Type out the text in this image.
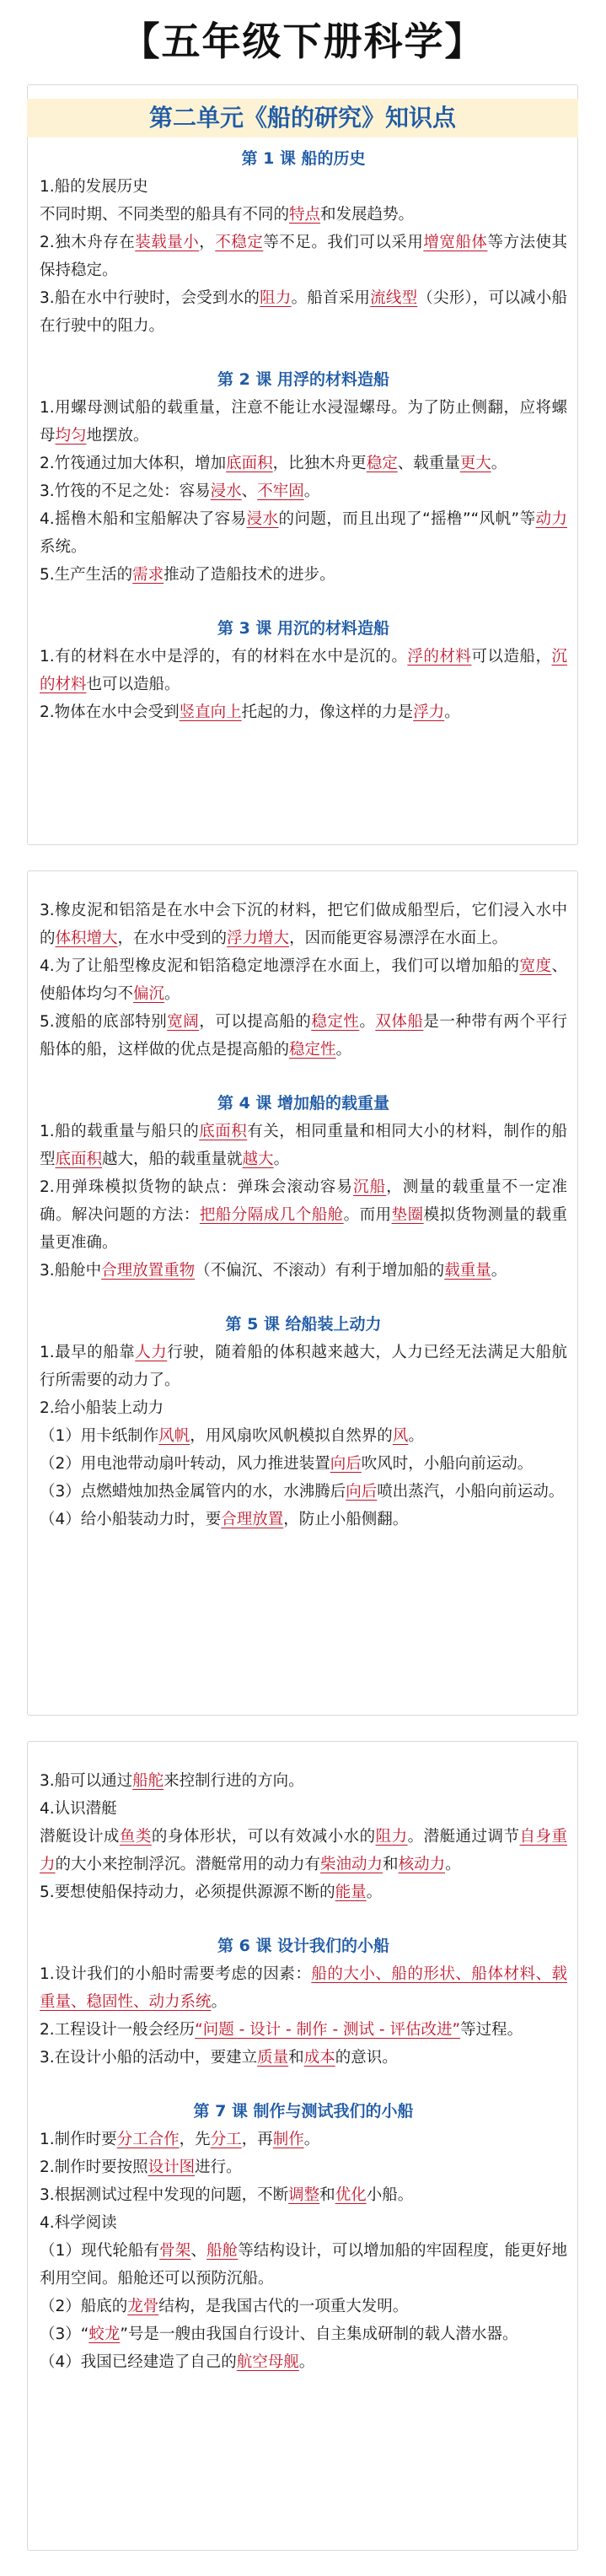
【五年级下册科学】
第二单元《船的研究》知识点
第 1 课 船的历史

1.船的发展历史

不同时期、不同类型的船具有不同的特点和发展趋势。

2.独木舟存在装载量小，不稳定等不足。我们可以采用增宽船体等方法使其保持稳定。

3.船在水中行驶时，会受到水的阻力。船首采用流线型（尖形），可以减小船在行驶中的阻力。

第 2 课 用浮的材料造船

1.用螺母测试船的载重量，注意不能让水浸湿螺母。为了防止侧翻，应将螺母均匀地摆放。

2.竹筏通过加大体积，增加底面积，比独木舟更稳定、载重量更大。

3.竹筏的不足之处：容易浸水、不牢固。

4.摇橹木船和宝船解决了容易浸水的问题，而且出现了“摇橹”“风帆”等动力系统。

5.生产生活的需求推动了造船技术的进步。

第 3 课 用沉的材料造船

1.有的材料在水中是浮的，有的材料在水中是沉的。浮的材料可以造船，沉的材料也可以造船。

2.物体在水中会受到竖直向上托起的力，像这样的力是浮力。

3.橡皮泥和铝箔是在水中会下沉的材料，把它们做成船型后，它们浸入水中的体积增大，在水中受到的浮力增大，因而能更容易漂浮在水面上。

4.为了让船型橡皮泥和铝箔稳定地漂浮在水面上，我们可以增加船的宽度、使船体均匀不偏沉。

5.渡船的底部特别宽阔，可以提高船的稳定性。双体船是一种带有两个平行船体的船，这样做的优点是提高船的稳定性。

第 4 课 增加船的载重量

1.船的载重量与船只的底面积有关，相同重量和相同大小的材料，制作的船型底面积越大，船的载重量就越大。

2.用弹珠模拟货物的缺点：弹珠会滚动容易沉船，测量的载重量不一定准确。解决问题的方法：把船分隔成几个船舱。而用垫圈模拟货物测量的载重量更准确。

3.船舱中合理放置重物（不偏沉、不滚动）有利于增加船的载重量。

第 5 课 给船装上动力

1.最早的船靠人力行驶，随着船的体积越来越大，人力已经无法满足大船航行所需要的动力了。

2.给小船装上动力

（1）用卡纸制作风帆，用风扇吹风帆模拟自然界的风。

（2）用电池带动扇叶转动，风力推进装置向后吹风时，小船向前运动。

（3）点燃蜡烛加热金属管内的水，水沸腾后向后喷出蒸汽，小船向前运动。

（4）给小船装动力时，要合理放置，防止小船侧翻。

3.船可以通过船舵来控制行进的方向。

4.认识潜艇

潜艇设计成鱼类的身体形状，可以有效减小水的阻力。潜艇通过调节自身重力的大小来控制浮沉。潜艇常用的动力有柴油动力和核动力。

5.要想使船保持动力，必须提供源源不断的能量。

第 6 课 设计我们的小船

1.设计我们的小船时需要考虑的因素：船的大小、船的形状、船体材料、载重量、稳固性、动力系统。

2.工程设计一般会经历“问题 - 设计 - 制作 - 测试 - 评估改进”等过程。

3.在设计小船的活动中，要建立质量和成本的意识。

第 7 课 制作与测试我们的小船

1.制作时要分工合作，先分工，再制作。

2.制作时要按照设计图进行。

3.根据测试过程中发现的问题，不断调整和优化小船。

4.科学阅读

（1）现代轮船有骨架、船舱等结构设计，可以增加船的牢固程度，能更好地利用空间。船舱还可以预防沉船。

（2）船底的龙骨结构，是我国古代的一项重大发明。

（3）“蛟龙”号是一艘由我国自行设计、自主集成研制的载人潜水器。

（4）我国已经建造了自己的航空母舰。
